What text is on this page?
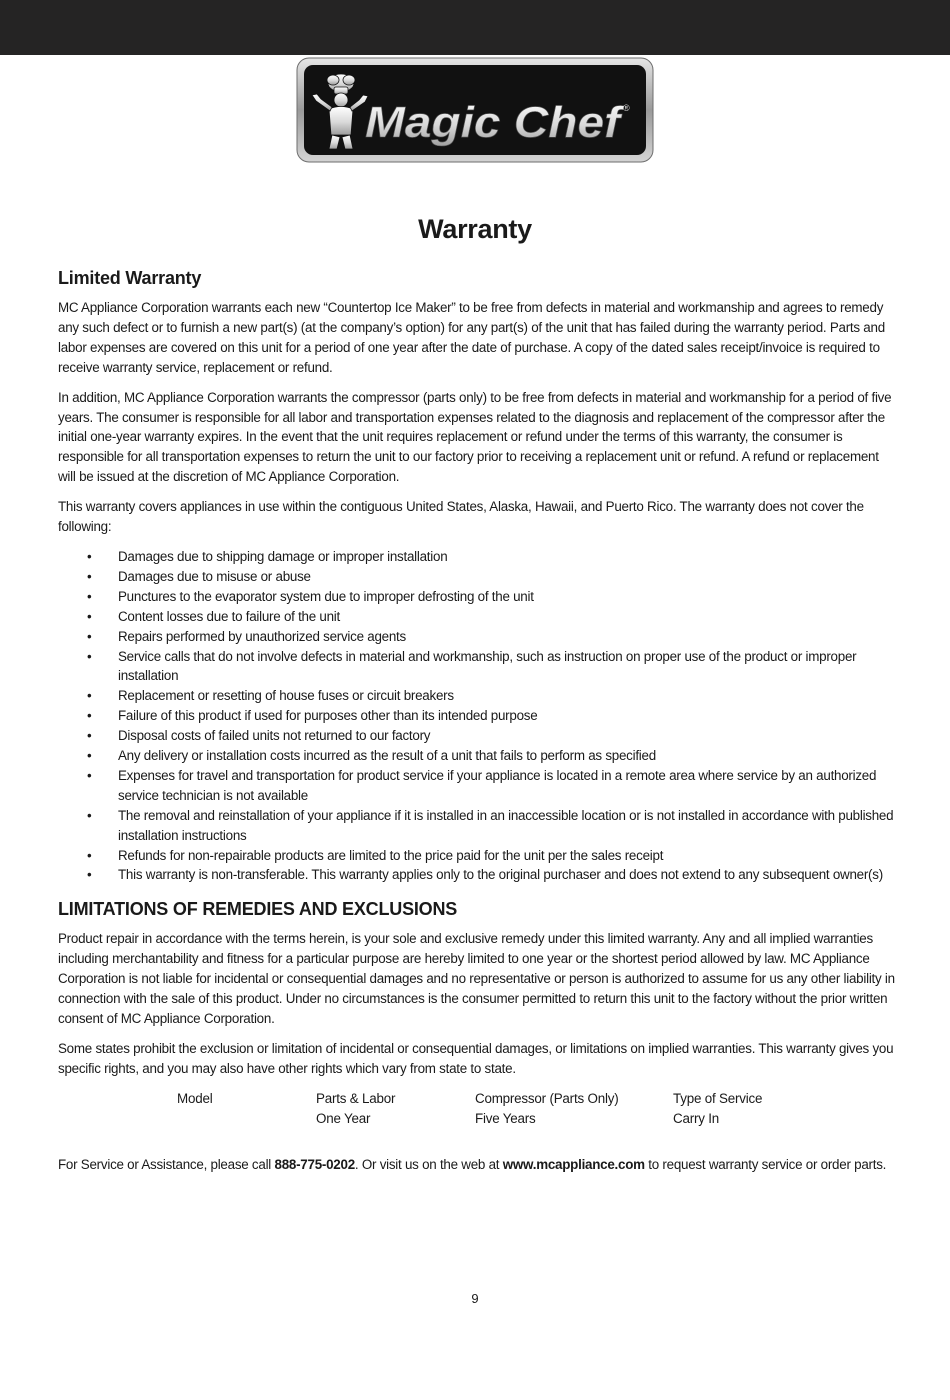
Magic Chef
®
Warranty
Limited Warranty

MC Appliance Corporation warrants each new “Countertop Ice Maker” to be free from defects in material and workmanship and agrees to remedy any such defect or to furnish a new part(s) (at the company’s option) for any part(s) of the unit that has failed during the warranty period. Parts and labor expenses are covered on this unit for a period of one year after the date of purchase. A copy of the dated sales receipt/invoice is required to receive warranty service, replacement or refund.

In addition, MC Appliance Corporation warrants the compressor (parts only) to be free from defects in material and workmanship for a period of five years. The consumer is responsible for all labor and transportation expenses related to the diagnosis and replacement of the compressor after the initial one-year warranty expires. In the event that the unit requires replacement or refund under the terms of this warranty, the consumer is responsible for all transportation expenses to return the unit to our factory prior to receiving a replacement unit or refund. A refund or replacement will be issued at the discretion of MC Appliance Corporation.

This warranty covers appliances in use within the contiguous United States, Alaska, Hawaii, and Puerto Rico. The warranty does not cover the following:

• Damages due to shipping damage or improper installation
• Damages due to misuse or abuse
• Punctures to the evaporator system due to improper defrosting of the unit
• Content losses due to failure of the unit
• Repairs performed by unauthorized service agents
• Service calls that do not involve defects in material and workmanship, such as instruction on proper use of the product or improper installation
• Replacement or resetting of house fuses or circuit breakers
• Failure of this product if used for purposes other than its intended purpose
• Disposal costs of failed units not returned to our factory
• Any delivery or installation costs incurred as the result of a unit that fails to perform as specified
• Expenses for travel and transportation for product service if your appliance is located in a remote area where service by an authorized service technician is not available
• The removal and reinstallation of your appliance if it is installed in an inaccessible location or is not installed in accordance with published installation instructions
• Refunds for non-repairable products are limited to the price paid for the unit per the sales receipt
• This warranty is non-transferable. This warranty applies only to the original purchaser and does not extend to any subsequent owner(s)
LIMITATIONS OF REMEDIES AND EXCLUSIONS

Product repair in accordance with the terms herein, is your sole and exclusive remedy under this limited warranty. Any and all implied warranties including merchantability and fitness for a particular purpose are hereby limited to one year or the shortest period allowed by law. MC Appliance Corporation is not liable for incidental or consequential damages and no representative or person is authorized to assume for us any other liability in connection with the sale of this product. Under no circumstances is the consumer permitted to return this unit to the factory without the prior written consent of MC Appliance Corporation.

Some states prohibit the exclusion or limitation of incidental or consequential damages, or limitations on implied warranties. This warranty gives you specific rights, and you may also have other rights which vary from state to state.

Model	Parts & Labor
One Year
Compressor (Parts Only)
Five Years
Type of Service
Carry In

For Service or Assistance, please call 888-775-0202. Or visit us on the web at www.mcappliance.com to request warranty service or order parts.

9
